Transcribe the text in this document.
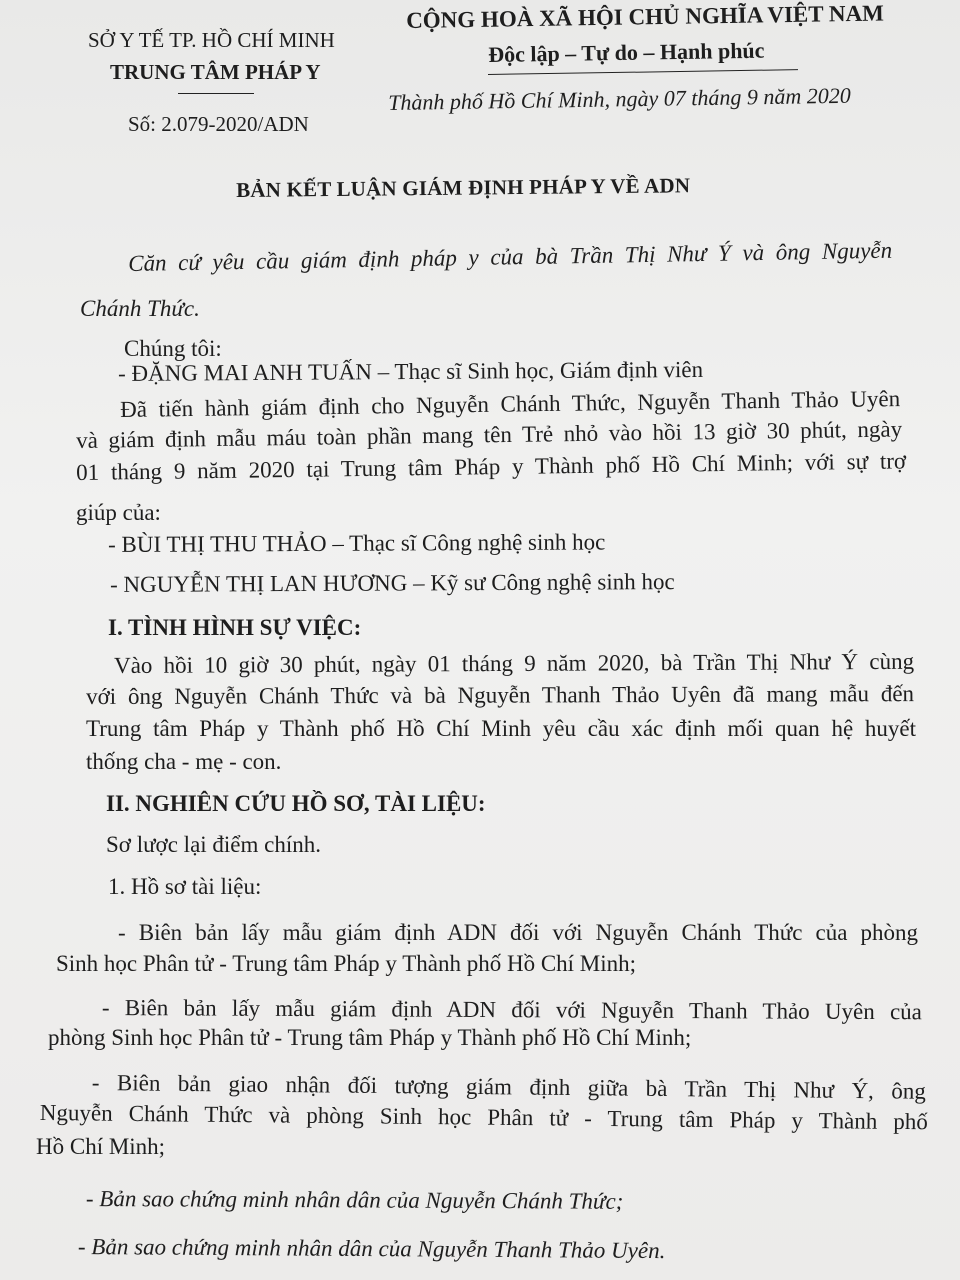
SỞ Y TẾ TP. HỒ CHÍ MINH
TRUNG TÂM PHÁP Y
Số: 2.079-2020/ADN
CỘNG HOÀ XÃ HỘI CHỦ NGHĨA VIỆT NAM
Độc lập – Tự do – Hạnh phúc
Thành phố Hồ Chí Minh, ngày 07 tháng 9 năm 2020
BẢN KẾT LUẬN GIÁM ĐỊNH PHÁP Y VỀ ADN
Căn cứ yêu cầu giám định pháp y của bà Trần Thị Như Ý và ông Nguyễn
Chánh Thức.
Chúng tôi:
- ĐẶNG MAI ANH TUẤN – Thạc sĩ Sinh học, Giám định viên
Đã tiến hành giám định cho Nguyễn Chánh Thức, Nguyễn Thanh Thảo Uyên
và giám định mẫu máu toàn phần mang tên Trẻ nhỏ vào hồi 13 giờ 30 phút, ngày
01 tháng 9 năm 2020 tại Trung tâm Pháp y Thành phố Hồ Chí Minh; với sự trợ
giúp của:
- BÙI THỊ THU THẢO – Thạc sĩ Công nghệ sinh học
- NGUYỄN THỊ LAN HƯƠNG – Kỹ sư Công nghệ sinh học
I. TÌNH HÌNH SỰ VIỆC:
Vào hồi 10 giờ 30 phút, ngày 01 tháng 9 năm 2020, bà Trần Thị Như Ý cùng
với ông Nguyễn Chánh Thức và bà Nguyễn Thanh Thảo Uyên đã mang mẫu đến
Trung tâm Pháp y Thành phố Hồ Chí Minh yêu cầu xác định mối quan hệ huyết
thống cha - mẹ - con.
II. NGHIÊN CỨU HỒ SƠ, TÀI LIỆU:
Sơ lược lại điểm chính.
1. Hồ sơ tài liệu:
- Biên bản lấy mẫu giám định ADN đối với Nguyễn Chánh Thức của phòng
Sinh học Phân tử - Trung tâm Pháp y Thành phố Hồ Chí Minh;
- Biên bản lấy mẫu giám định ADN đối với Nguyễn Thanh Thảo Uyên của
phòng Sinh học Phân tử - Trung tâm Pháp y Thành phố Hồ Chí Minh;
- Biên bản giao nhận đối tượng giám định giữa bà Trần Thị Như Ý, ông
Nguyễn Chánh Thức và phòng Sinh học Phân tử - Trung tâm Pháp y Thành phố
Hồ Chí Minh;
- Bản sao chứng minh nhân dân của Nguyễn Chánh Thức;
- Bản sao chứng minh nhân dân của Nguyễn Thanh Thảo Uyên.
